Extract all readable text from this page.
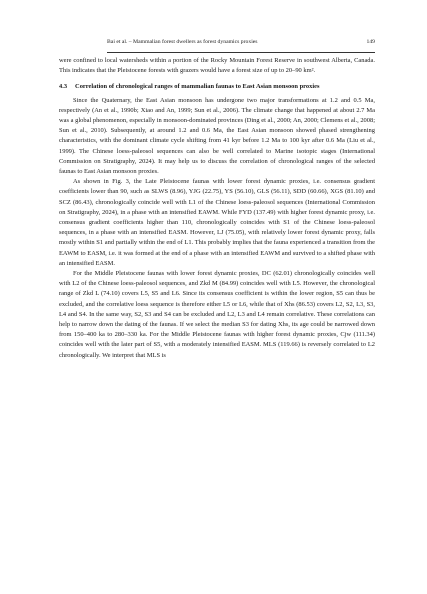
Bai et al. – Mammalian forest dwellers as forest dynamics proxies	149

were confined to local watersheds within a portion of the Rocky Mountain Forest Reserve in southwest Alberta, Canada. This indicates that the Pleistocene forests with grazers would have a forest size of up to 20–90 km².

4.3 Correlation of chronological ranges of mammalian faunas to East Asian monsoon proxies

Since the Quaternary, the East Asian monsoon has undergone two major transformations at 1.2 and 0.5 Ma, respectively (An et al., 1990b; Xiao and An, 1999; Sun et al., 2006). The climate change that happened at about 2.7 Ma was a global phenomenon, especially in monsoon-dominated provinces (Ding et al., 2000; An, 2000; Clemens et al., 2008; Sun et al., 2010). Subsequently, at around 1.2 and 0.6 Ma, the East Asian monsoon showed phased strengthening characteristics, with the dominant climate cycle shifting from 41 kyr before 1.2 Ma to 100 kyr after 0.6 Ma (Liu et al., 1999). The Chinese loess-paleosol sequences can also be well correlated to Marine isotopic stages (International Commission on Stratigraphy, 2024). It may help us to discuss the correlation of chronological ranges of the selected faunas to East Asian monsoon proxies.

As shown in Fig. 3, the Late Pleistocene faunas with lower forest dynamic proxies, i.e. consensus gradient coefficients lower than 90, such as SLWS (8.96), YJG (22.75), YS (56.10), GLS (56.11), SDD (60.66), XGS (81.10) and SCZ (86.43), chronologically coincide well with L1 of the Chinese loess-paleosol sequences (International Commission on Stratigraphy, 2024), in a phase with an intensified EAWM. While FYD (137.49) with higher forest dynamic proxy, i.e. consensus gradient coefficients higher than 110, chronologically coincides with S1 of the Chinese loess-paleosol sequences, in a phase with an intensified EASM. However, LJ (75.05), with relatively lower forest dynamic proxy, falls mostly within S1 and partially within the end of L1. This probably implies that the fauna experienced a transition from the EAWM to EASM, i.e. it was formed at the end of a phase with an intensified EAWM and survived to a shifted phase with an intensified EASM.

For the Middle Pleistocene faunas with lower forest dynamic proxies, DC (62.01) chronologically coincides well with L2 of the Chinese loess-paleosol sequences, and Zkd M (84.99) coincides well with L5. However, the chronological range of Zkd L (74.10) covers L5, S5 and L6. Since its consensus coefficient is within the lower region, S5 can thus be excluded, and the correlative loess sequence is therefore either L5 or L6, while that of Xhs (86.53) covers L2, S2, L3, S3, L4 and S4. In the same way, S2, S3 and S4 can be excluded and L2, L3 and L4 remain correlative. These correlations can help to narrow down the dating of the faunas. If we select the median S3 for dating Xhs, its age could be narrowed down from 150–400 ka to 280–330 ka. For the Middle Pleistocene faunas with higher forest dynamic proxies, Cjw (111.34) coincides well with the later part of S5, with a moderately intensified EASM. MLS (119.66) is reversely correlated to L2 chronologically. We interpret that MLS is
